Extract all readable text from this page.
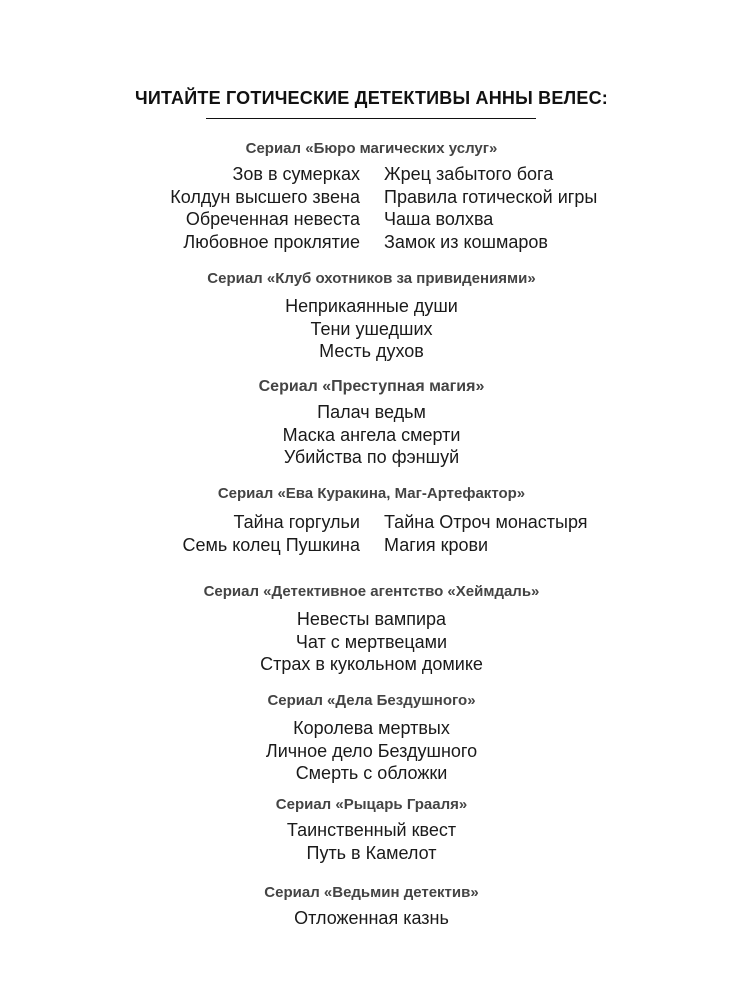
ЧИТАЙТЕ ГОТИЧЕСКИЕ ДЕТЕКТИВЫ АННЫ ВЕЛЕС:
Сериал «Бюро магических услуг»
Зов в сумерках	Жрец забытого бога
Колдун высшего звена	Правила готической игры
Обреченная невеста	Чаша волхва
Любовное проклятие	Замок из кошмаров
Сериал «Клуб охотников за привидениями»
Неприкаянные души
Тени ушедших
Месть духов
Сериал «Преступная магия»
Палач ведьм
Маска ангела смерти
Убийства по фэншуй
Сериал «Ева Куракина, Маг-Артефактор»
Тайна горгульи	Тайна Отроч монастыря
Семь колец Пушкина	Магия крови
Сериал «Детективное агентство «Хеймдаль»
Невесты вампира
Чат с мертвецами
Страх в кукольном домике
Сериал «Дела Бездушного»
Королева мертвых
Личное дело Бездушного
Смерть с обложки
Сериал «Рыцарь Грааля»
Таинственный квест
Путь в Камелот
Сериал «Ведьмин детектив»
Отложенная казнь
